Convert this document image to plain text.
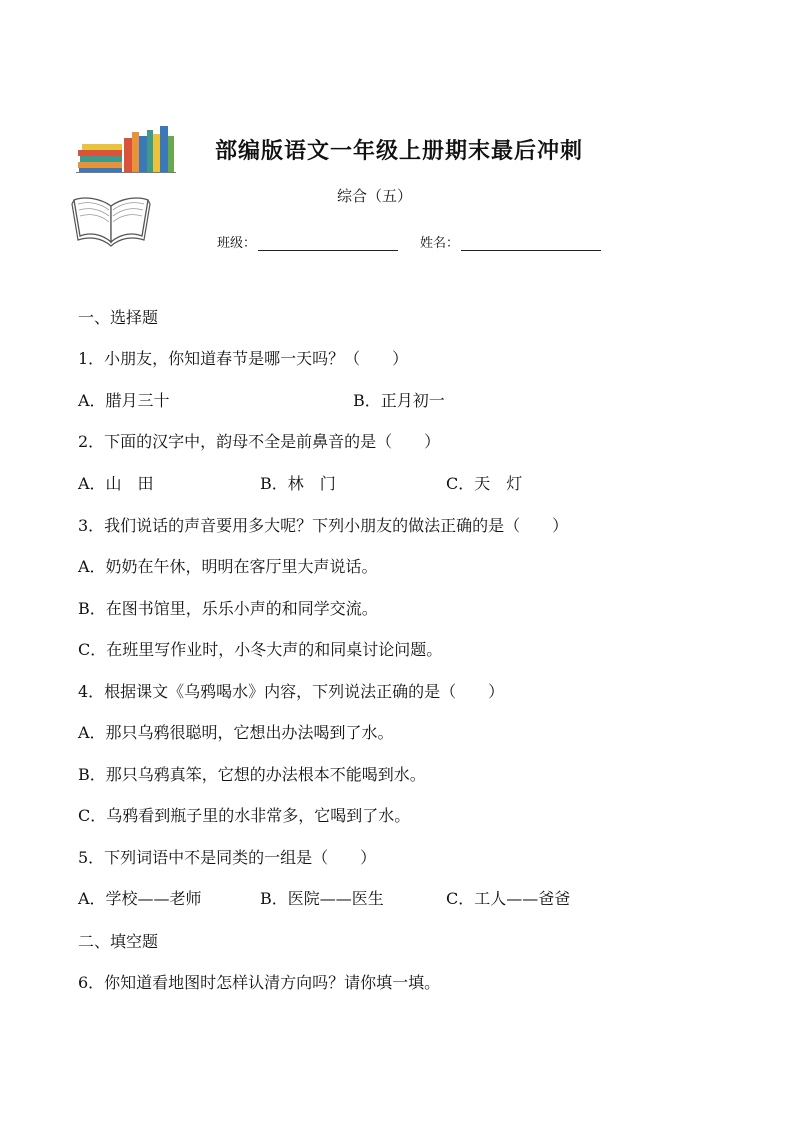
部编版语文一年级上册期末最后冲刺
综合（五）
班级：	姓名：
一、选择题
1．小朋友，你知道春节是哪一天吗？（　　）
A．腊月三十	B．正月初一
2．下面的汉字中，韵母不全是前鼻音的是（　　）
A．山　田	B．林　门	C．天　灯
3．我们说话的声音要用多大呢？下列小朋友的做法正确的是（　　）
A．奶奶在午休，明明在客厅里大声说话。
B．在图书馆里，乐乐小声的和同学交流。
C．在班里写作业时，小冬大声的和同桌讨论问题。
4．根据课文《乌鸦喝水》内容，下列说法正确的是（　　）
A．那只乌鸦很聪明，它想出办法喝到了水。
B．那只乌鸦真笨，它想的办法根本不能喝到水。
C．乌鸦看到瓶子里的水非常多，它喝到了水。
5．下列词语中不是同类的一组是（　　）
A．学校——老师	B．医院——医生	C．工人——爸爸
二、填空题
6．你知道看地图时怎样认清方向吗？请你填一填。
